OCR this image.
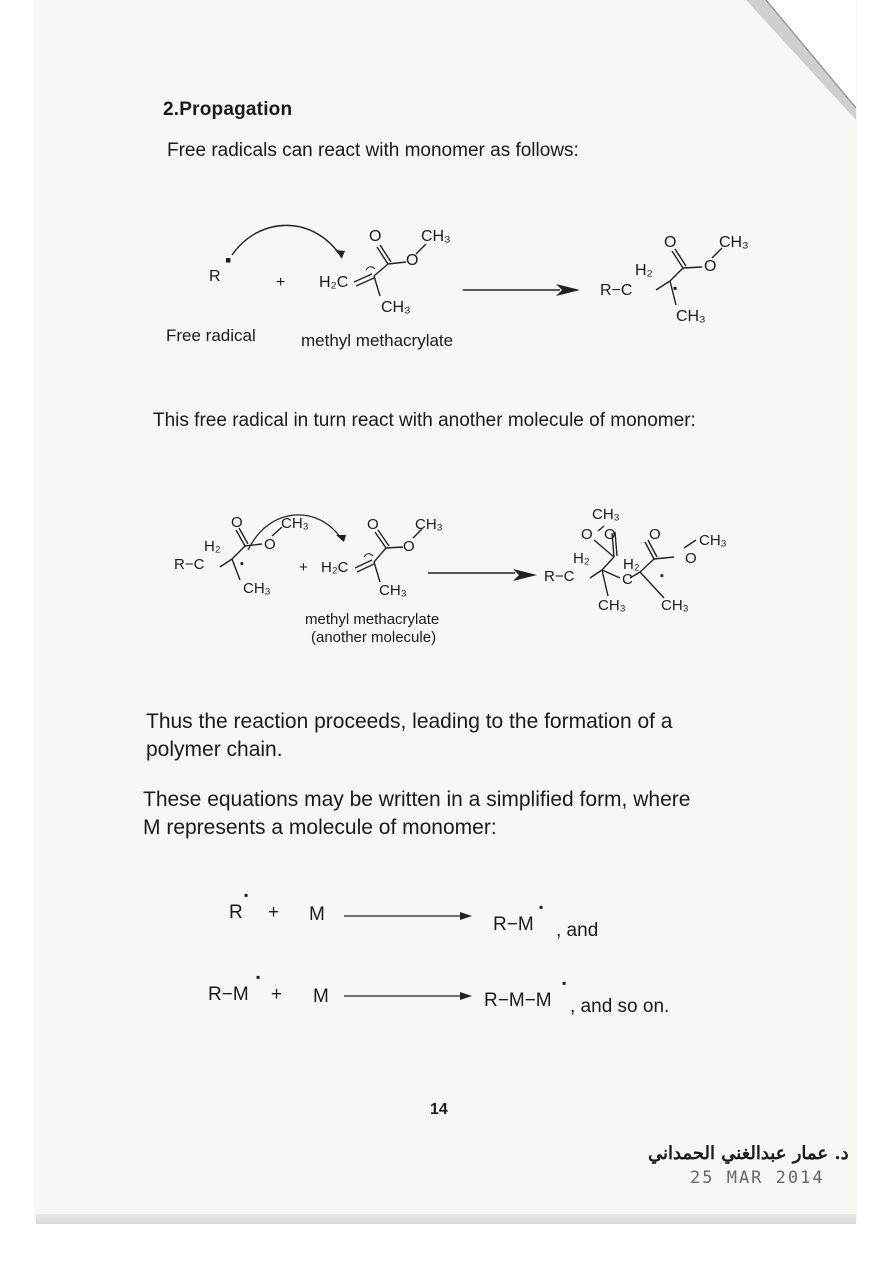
2.Propagation
Free radicals can react with monomer as follows:
R
▪
+ H₂C
O
O
CH₃
CH₃
O
O
CH₃
H₂
R−C	▪
CH₃
Free radical	methyl methacrylate
This free radical in turn react with another molecule of monomer:
O	CH₃
O
H₂
R−C	▪
CH₃
+ H₂C
O CH₃
O
CH₃
methyl methacrylate
(another molecule)
CH₃
O O O	CH₃
O
H₂ H₂
R−C	C ▪
CH₃ CH₃
Thus the reaction proceeds, leading to the formation of a polymer chain.
These equations may be written in a simplified form, where M represents a molecule of monomer:
R
▪
+ M	R−M
▪
, and
R−M
▪
+ M	R−M−M
▪
, and so on.
14
د. عمار عبدالغني الحمداني
25 MAR 2014
